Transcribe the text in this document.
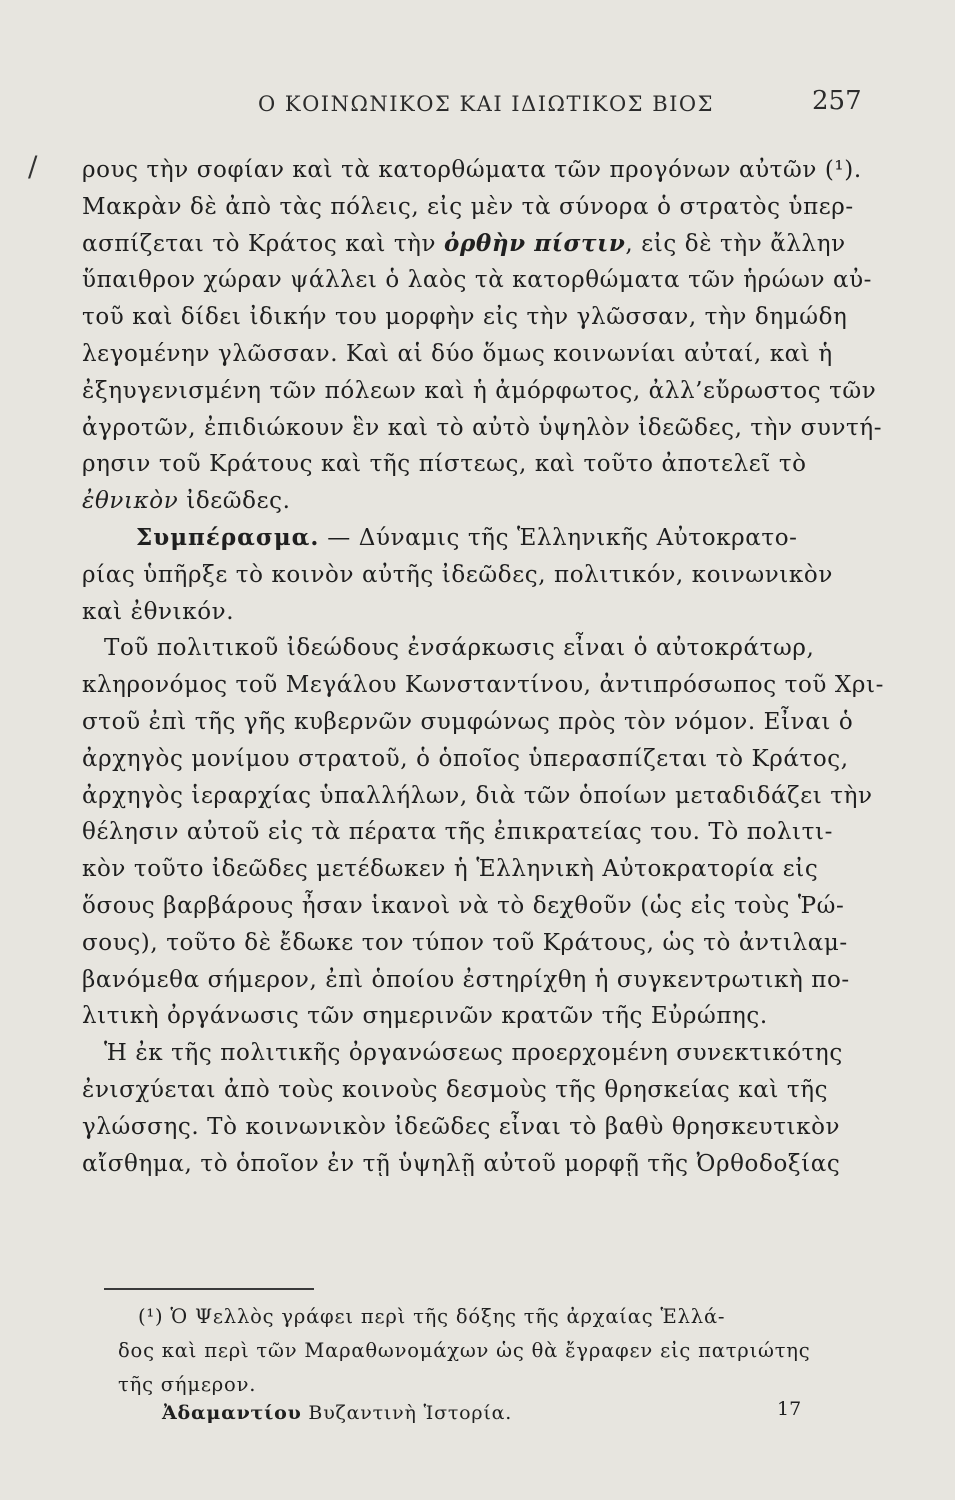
Ο ΚΟΙΝΩΝΙΚΟΣ ΚΑΙ ΙΔΙΩΤΙΚΟΣ ΒΙΟΣ	257
/ ρους τὴν σοφίαν καὶ τὰ κατορθώματα τῶν προγόνων αὐτῶν (¹).
Μακρὰν δὲ ἀπὸ τὰς πόλεις, εἰς μὲν τὰ σύνορα ὁ στρατὸς ὑπερ-
ασπίζεται τὸ Κράτος καὶ τὴν ὀρθὴν πίστιν, εἰς δὲ τὴν ἄλλην
ὕπαιθρον χώραν ψάλλει ὁ λαὸς τὰ κατορθώματα τῶν ἡρώων αὐ-
τοῦ καὶ δίδει ἰδικήν του μορφὴν εἰς τὴν γλῶσσαν, τὴν δημώδη
λεγομένην γλῶσσαν. Καὶ αἱ δύο ὅμως κοινωνίαι αὐταί, καὶ ἡ
ἐξηυγενισμένη τῶν πόλεων καὶ ἡ ἀμόρφωτος, ἀλλ’εὔρωστος τῶν
ἀγροτῶν, ἐπιδιώκουν ἓν καὶ τὸ αὐτὸ ὑψηλὸν ἰδεῶδες, τὴν συντή-
ρησιν τοῦ Κράτους καὶ τῆς πίστεως, καὶ τοῦτο ἀποτελεῖ τὸ
ἐθνικὸν ἰδεῶδες.
Συμπέρασμα. — Δύναμις τῆς Ἑλληνικῆς Αὐτοκρατο-
ρίας ὑπῆρξε τὸ κοινὸν αὐτῆς ἰδεῶδες, πολιτικόν, κοινωνικὸν
καὶ ἐθνικόν.
Τοῦ πολιτικοῦ ἰδεώδους ἐνσάρκωσις εἶναι ὁ αὐτοκράτωρ,
κληρονόμος τοῦ Μεγάλου Κωνσταντίνου, ἀντιπρόσωπος τοῦ Χρι-
στοῦ ἐπὶ τῆς γῆς κυβερνῶν συμφώνως πρὸς τὸν νόμον. Εἶναι ὁ
ἀρχηγὸς μονίμου στρατοῦ, ὁ ὁποῖος ὑπερασπίζεται τὸ Κράτος,
ἀρχηγὸς ἱεραρχίας ὑπαλλήλων, διὰ τῶν ὁποίων μεταδιδάζει τὴν
θέλησιν αὐτοῦ εἰς τὰ πέρατα τῆς ἐπικρατείας του. Τὸ πολιτι-
κὸν τοῦτο ἰδεῶδες μετέδωκεν ἡ Ἑλληνικὴ Αὐτοκρατορία εἰς
ὅσους βαρβάρους ἦσαν ἱκανοὶ νὰ τὸ δεχθοῦν (ὡς εἰς τοὺς Ῥώ-
σους), τοῦτο δὲ ἔδωκε τον τύπον τοῦ Κράτους, ὡς τὸ ἀντιλαμ-
βανόμεθα σήμερον, ἐπὶ ὁποίου ἐστηρίχθη ἡ συγκεντρωτικὴ πο-
λιτικὴ ὀργάνωσις τῶν σημερινῶν κρατῶν τῆς Εὐρώπης.
Ἡ ἐκ τῆς πολιτικῆς ὀργανώσεως προερχομένη συνεκτικότης
ἐνισχύεται ἀπὸ τοὺς κοινοὺς δεσμοὺς τῆς θρησκείας καὶ τῆς
γλώσσης. Τὸ κοινωνικὸν ἰδεῶδες εἶναι τὸ βαθὺ θρησκευτικὸν
αἴσθημα, τὸ ὁποῖον ἐν τῇ ὑψηλῇ αὐτοῦ μορφῇ τῆς Ὀρθοδοξίας
(¹) Ὁ Ψελλὸς γράφει περὶ τῆς δόξης τῆς ἀρχαίας Ἑλλά-
δος καὶ περὶ τῶν Μαραθωνομάχων ὡς θὰ ἔγραφεν εἰς πατριώτης
τῆς σήμερον.
Ἀδαμαντίου Βυζαντινὴ Ἱστορία.	17
